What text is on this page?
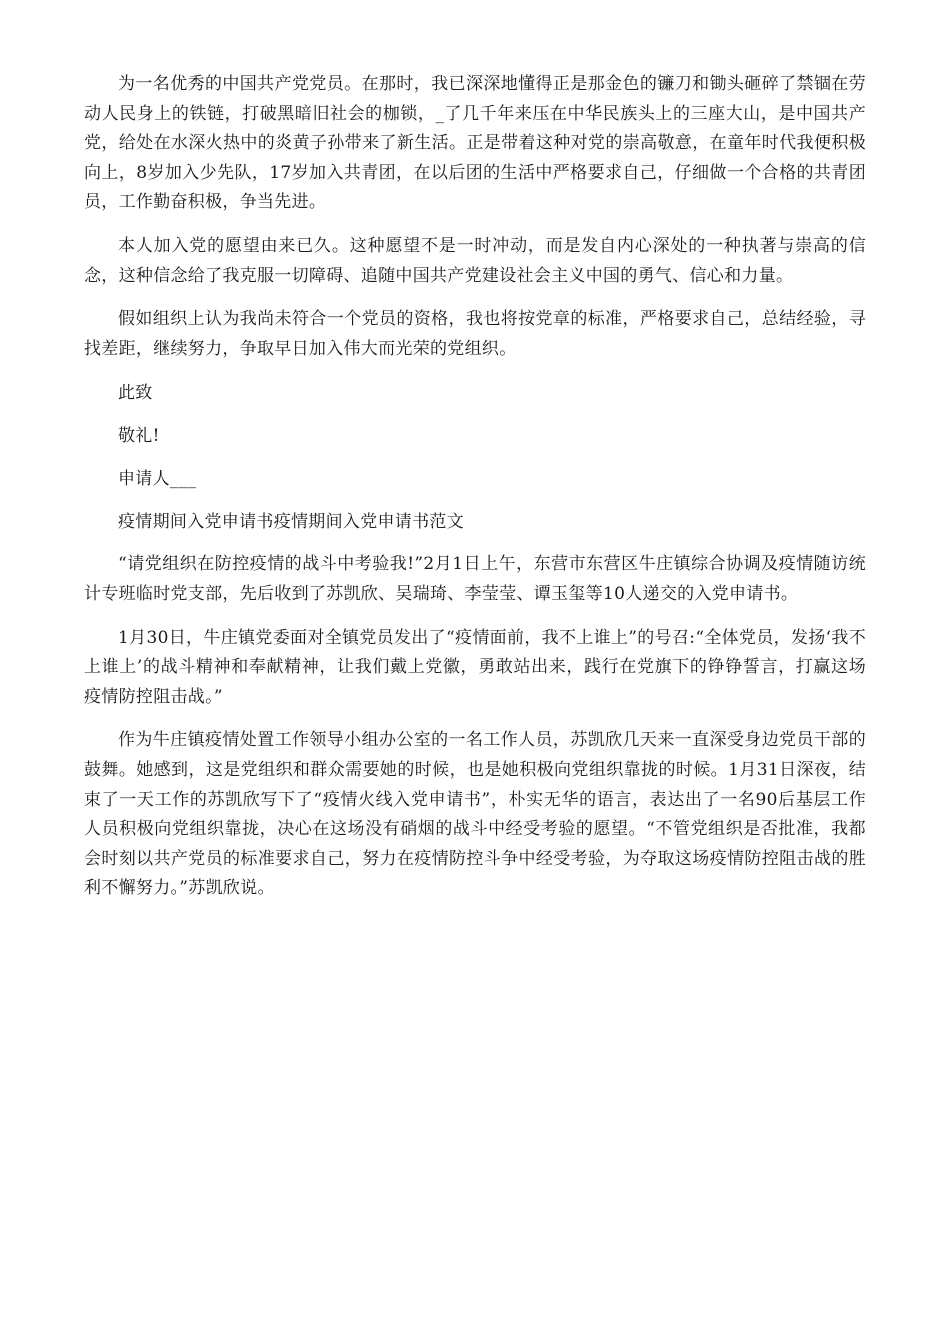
为一名优秀的中国共产党党员。在那时，我已深深地懂得正是那金色的镰刀和锄头砸碎了禁锢在劳动人民身上的铁链，打破黑暗旧社会的枷锁，_了几千年来压在中华民族头上的三座大山，是中国共产党，给处在水深火热中的炎黄子孙带来了新生活。正是带着这种对党的崇高敬意，在童年时代我便积极向上，8岁加入少先队，17岁加入共青团，在以后团的生活中严格要求自己，仔细做一个合格的共青团员，工作勤奋积极，争当先进。

本人加入党的愿望由来已久。这种愿望不是一时冲动，而是发自内心深处的一种执著与崇高的信念，这种信念给了我克服一切障碍、追随中国共产党建设社会主义中国的勇气、信心和力量。

假如组织上认为我尚未符合一个党员的资格，我也将按党章的标准，严格要求自己，总结经验，寻找差距，继续努力，争取早日加入伟大而光荣的党组织。

此致

敬礼!

申请人___

疫情期间入党申请书疫情期间入党申请书范文

“请党组织在防控疫情的战斗中考验我!”2月1日上午，东营市东营区牛庄镇综合协调及疫情随访统计专班临时党支部，先后收到了苏凯欣、吴瑞琦、李莹莹、谭玉玺等10人递交的入党申请书。

1月30日，牛庄镇党委面对全镇党员发出了“疫情面前，我不上谁上”的号召:“全体党员，发扬‘我不上谁上’的战斗精神和奉献精神，让我们戴上党徽，勇敢站出来，践行在党旗下的铮铮誓言，打赢这场疫情防控阻击战。”

作为牛庄镇疫情处置工作领导小组办公室的一名工作人员，苏凯欣几天来一直深受身边党员干部的鼓舞。她感到，这是党组织和群众需要她的时候，也是她积极向党组织靠拢的时候。1月31日深夜，结束了一天工作的苏凯欣写下了“疫情火线入党申请书”，朴实无华的语言，表达出了一名90后基层工作人员积极向党组织靠拢，决心在这场没有硝烟的战斗中经受考验的愿望。“不管党组织是否批准，我都会时刻以共产党员的标准要求自己，努力在疫情防控斗争中经受考验，为夺取这场疫情防控阻击战的胜利不懈努力。”苏凯欣说。
